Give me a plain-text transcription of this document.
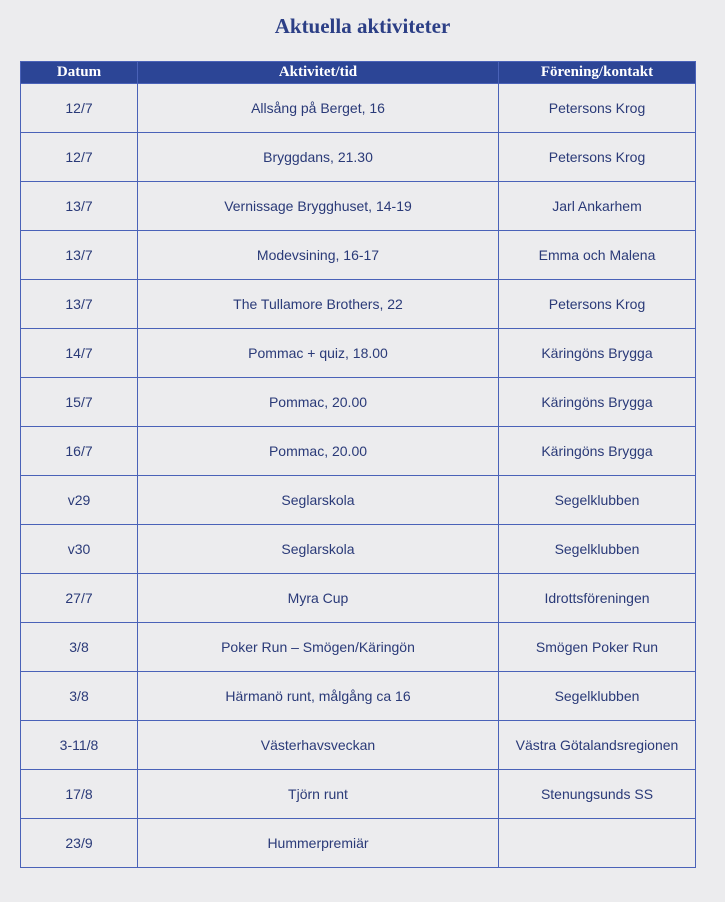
Aktuella aktiviteter
Datum	Aktivitet/tid	Förening/kontakt
12/7	Allsång på Berget, 16	Petersons Krog
12/7	Bryggdans, 21.30	Petersons Krog
13/7	Vernissage Brygghuset, 14-19	Jarl Ankarhem
13/7	Modevsining, 16-17	Emma och Malena
13/7	The Tullamore Brothers, 22	Petersons Krog
14/7	Pommac + quiz, 18.00	Käringöns Brygga
15/7	Pommac, 20.00	Käringöns Brygga
16/7	Pommac, 20.00	Käringöns Brygga
v29	Seglarskola	Segelklubben
v30	Seglarskola	Segelklubben
27/7	Myra Cup	Idrottsföreningen
3/8	Poker Run – Smögen/Käringön	Smögen Poker Run
3/8	Härmanö runt, målgång ca 16	Segelklubben
3-11/8	Västerhavsveckan	Västra Götalandsregionen
17/8	Tjörn runt	Stenungsunds SS
23/9	Hummerpremiär	
